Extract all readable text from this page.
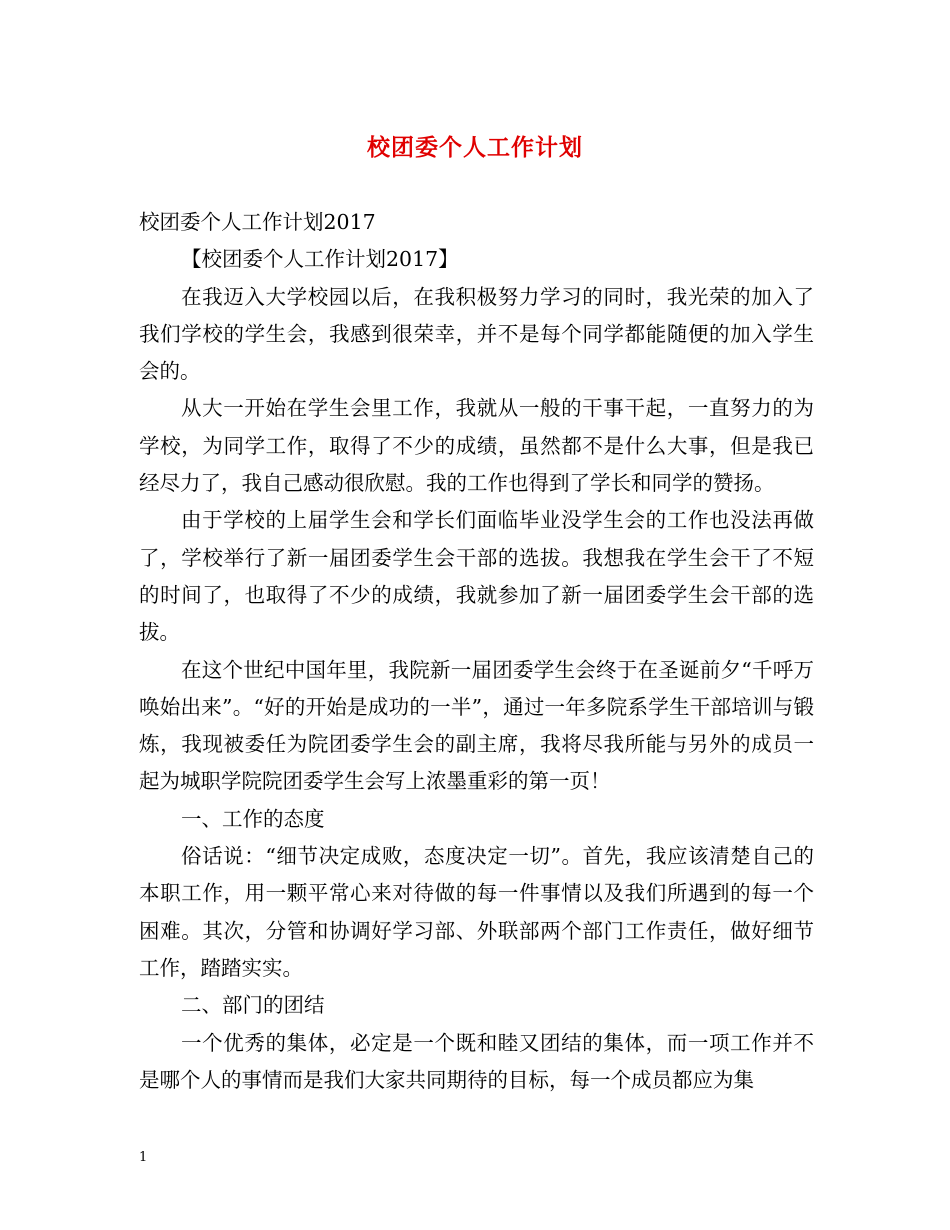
校团委个人工作计划

校团委个人工作计划2017

【校团委个人工作计划2017】

在我迈入大学校园以后，在我积极努力学习的同时，我光荣的加入了我们学校的学生会，我感到很荣幸，并不是每个同学都能随便的加入学生会的。

从大一开始在学生会里工作，我就从一般的干事干起，一直努力的为学校，为同学工作，取得了不少的成绩，虽然都不是什么大事，但是我已经尽力了，我自己感动很欣慰。我的工作也得到了学长和同学的赞扬。

由于学校的上届学生会和学长们面临毕业没学生会的工作也没法再做了，学校举行了新一届团委学生会干部的选拔。我想我在学生会干了不短的时间了，也取得了不少的成绩，我就参加了新一届团委学生会干部的选拔。

在这个世纪中国年里，我院新一届团委学生会终于在圣诞前夕“千呼万唤始出来”。“好的开始是成功的一半”，通过一年多院系学生干部培训与锻炼，我现被委任为院团委学生会的副主席，我将尽我所能与另外的成员一起为城职学院院团委学生会写上浓墨重彩的第一页！

一、工作的态度

俗话说：“细节决定成败，态度决定一切”。首先，我应该清楚自己的本职工作，用一颗平常心来对待做的每一件事情以及我们所遇到的每一个困难。其次，分管和协调好学习部、外联部两个部门工作责任，做好细节工作，踏踏实实。

二、部门的团结

一个优秀的集体，必定是一个既和睦又团结的集体，而一项工作并不是哪个人的事情而是我们大家共同期待的目标，每一个成员都应为集

1
